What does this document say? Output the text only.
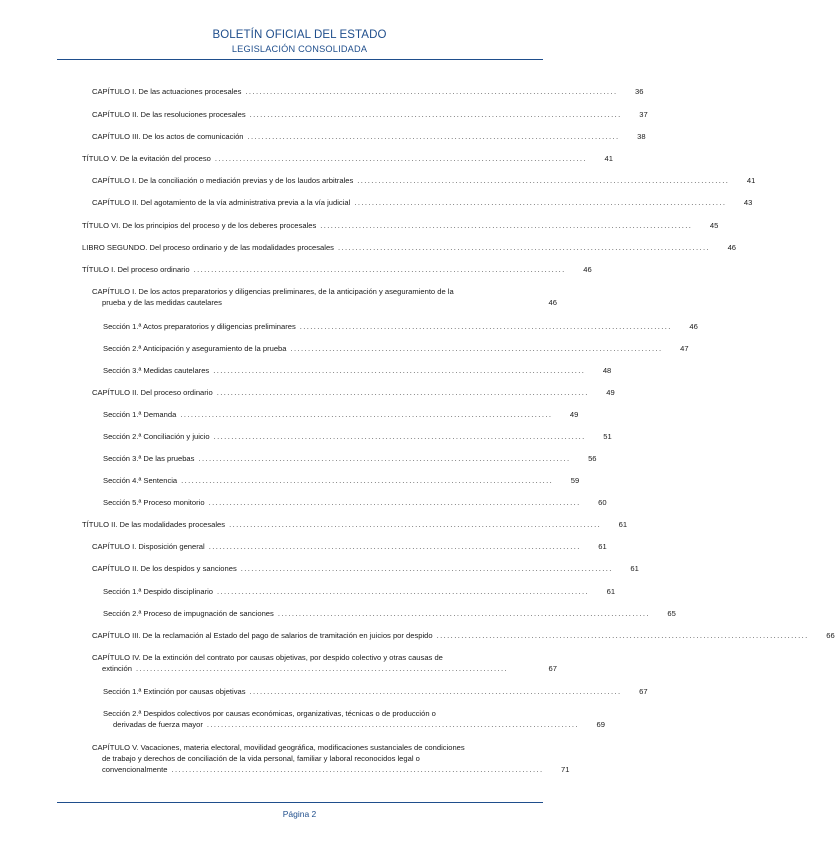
BOLETÍN OFICIAL DEL ESTADO
LEGISLACIÓN CONSOLIDADA
CAPÍTULO I. De las actuaciones procesales ..........................................................................................................	36
CAPÍTULO II. De las resoluciones procesales ..........................................................................................................	37
CAPÍTULO III. De los actos de comunicación ..........................................................................................................	38
TÍTULO V. De la evitación del proceso ..........................................................................................................	41
CAPÍTULO I. De la conciliación o mediación previas y de los laudos arbitrales ..........................................................................................................	41
CAPÍTULO II. Del agotamiento de la vía administrativa previa a la vía judicial ..........................................................................................................	43
TÍTULO VI. De los principios del proceso y de los deberes procesales ..........................................................................................................	45
LIBRO SEGUNDO. Del proceso ordinario y de las modalidades procesales ..........................................................................................................	46
TÍTULO I. Del proceso ordinario ..........................................................................................................	46
CAPÍTULO I. De los actos preparatorios y diligencias preliminares, de la anticipación y aseguramiento de la
prueba y de las medidas cautelares	46
Sección 1.ª Actos preparatorios y diligencias preliminares ..........................................................................................................	46
Sección 2.ª Anticipación y aseguramiento de la prueba ..........................................................................................................	47
Sección 3.ª Medidas cautelares ..........................................................................................................	48
CAPÍTULO II. Del proceso ordinario ..........................................................................................................	49
Sección 1.ª Demanda ..........................................................................................................	49
Sección 2.ª Conciliación y juicio ..........................................................................................................	51
Sección 3.ª De las pruebas ..........................................................................................................	56
Sección 4.ª Sentencia ..........................................................................................................	59
Sección 5.ª Proceso monitorio ..........................................................................................................	60
TÍTULO II. De las modalidades procesales ..........................................................................................................	61
CAPÍTULO I. Disposición general ..........................................................................................................	61
CAPÍTULO II. De los despidos y sanciones ..........................................................................................................	61
Sección 1.ª Despido disciplinario ..........................................................................................................	61
Sección 2.ª Proceso de impugnación de sanciones ..........................................................................................................	65
CAPÍTULO III. De la reclamación al Estado del pago de salarios de tramitación en juicios por despido ..........................................................................................................	66
CAPÍTULO IV. De la extinción del contrato por causas objetivas, por despido colectivo y otras causas de
extinción ..........................................................................................................	67
Sección 1.ª Extinción por causas objetivas ..........................................................................................................	67
Sección 2.ª Despidos colectivos por causas económicas, organizativas, técnicas o de producción o
derivadas de fuerza mayor ..........................................................................................................	69
CAPÍTULO V. Vacaciones, materia electoral, movilidad geográfica, modificaciones sustanciales de condiciones
de trabajo y derechos de conciliación de la vida personal, familiar y laboral reconocidos legal o
convencionalmente ..........................................................................................................	71
Página 2
